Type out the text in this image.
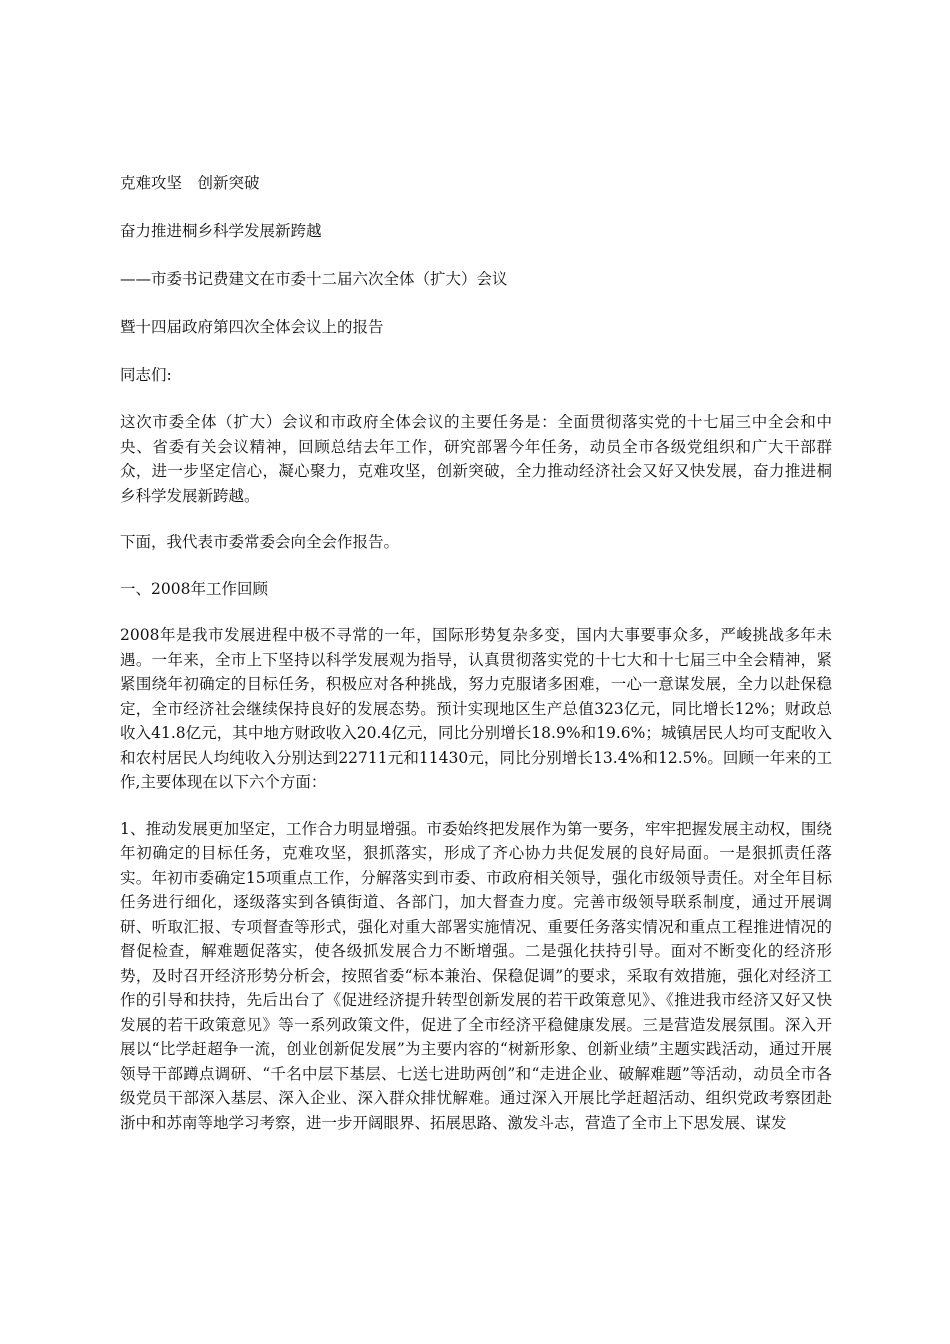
克难攻坚　创新突破

奋力推进桐乡科学发展新跨越

——市委书记费建文在市委十二届六次全体（扩大）会议

暨十四届政府第四次全体会议上的报告

同志们:

这次市委全体（扩大）会议和市政府全体会议的主要任务是：全面贯彻落实党的十七届三中全会和中央、省委有关会议精神，回顾总结去年工作，研究部署今年任务，动员全市各级党组织和广大干部群众，进一步坚定信心，凝心聚力，克难攻坚，创新突破，全力推动经济社会又好又快发展，奋力推进桐乡科学发展新跨越。

下面，我代表市委常委会向全会作报告。

一、2008年工作回顾

2008年是我市发展进程中极不寻常的一年，国际形势复杂多变，国内大事要事众多，严峻挑战多年未遇。一年来，全市上下坚持以科学发展观为指导，认真贯彻落实党的十七大和十七届三中全会精神，紧紧围绕年初确定的目标任务，积极应对各种挑战，努力克服诸多困难，一心一意谋发展，全力以赴保稳定，全市经济社会继续保持良好的发展态势。预计实现地区生产总值323亿元，同比增长12%；财政总收入41.8亿元，其中地方财政收入20.4亿元，同比分别增长18.9%和19.6%；城镇居民人均可支配收入和农村居民人均纯收入分别达到22711元和11430元，同比分别增长13.4%和12.5%。回顾一年来的工作,主要体现在以下六个方面：

1、推动发展更加坚定，工作合力明显增强。市委始终把发展作为第一要务，牢牢把握发展主动权，围绕年初确定的目标任务，克难攻坚，狠抓落实，形成了齐心协力共促发展的良好局面。一是狠抓责任落实。年初市委确定15项重点工作，分解落实到市委、市政府相关领导，强化市级领导责任。对全年目标任务进行细化，逐级落实到各镇街道、各部门，加大督查力度。完善市级领导联系制度，通过开展调研、听取汇报、专项督查等形式，强化对重大部署实施情况、重要任务落实情况和重点工程推进情况的督促检查，解难题促落实，使各级抓发展合力不断增强。二是强化扶持引导。面对不断变化的经济形势，及时召开经济形势分析会，按照省委“标本兼治、保稳促调”的要求，采取有效措施，强化对经济工作的引导和扶持，先后出台了《促进经济提升转型创新发展的若干政策意见》、《推进我市经济又好又快发展的若干政策意见》等一系列政策文件，促进了全市经济平稳健康发展。三是营造发展氛围。深入开展以“比学赶超争一流，创业创新促发展”为主要内容的“树新形象、创新业绩”主题实践活动，通过开展领导干部蹲点调研、“千名中层下基层、七送七进助两创”和“走进企业、破解难题”等活动，动员全市各级党员干部深入基层、深入企业、深入群众排忧解难。通过深入开展比学赶超活动、组织党政考察团赴浙中和苏南等地学习考察，进一步开阔眼界、拓展思路、激发斗志，营造了全市上下思发展、谋发
